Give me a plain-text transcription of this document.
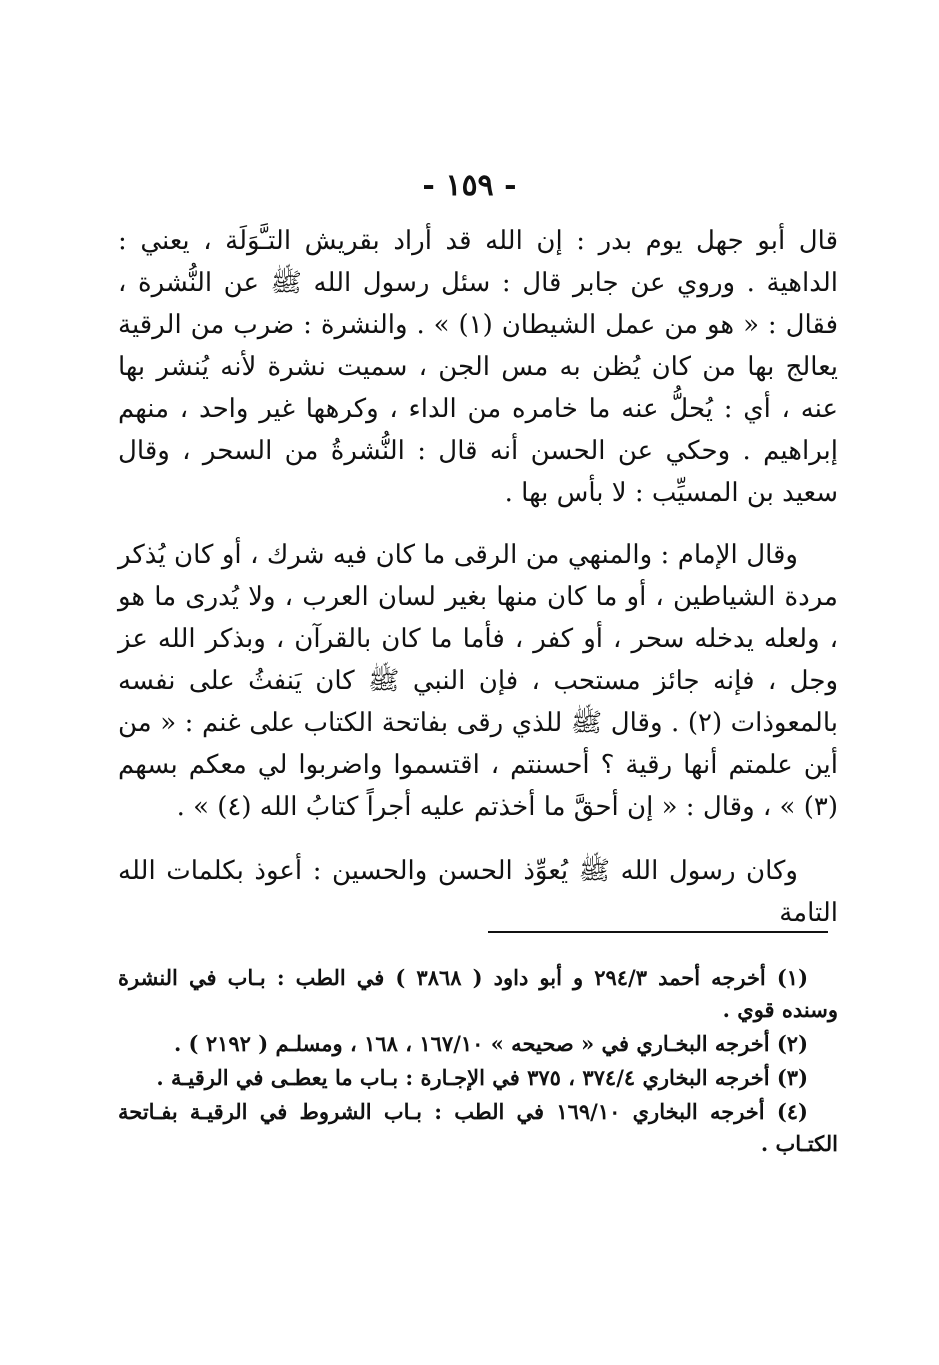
- ١٥٩ -

قال أبو جهل يوم بدر : إن الله قد أراد بقريش التـَّوَلَة ، يعني : الداهية . وروي عن جابر قال : سئل رسول الله ﷺ عن النُّشرة ، فقال : « هو من عمل الشيطان (١) » . والنشرة : ضرب من الرقية يعالج بها من كان يُظن به مس الجن ، سميت نشرة لأنه يُنشر بها عنه ، أي : يُحلُّ عنه ما خامره من الداء ، وكرهها غير واحد ، منهم إبراهيم . وحكي عن الحسن أنه قال : النُّشرةُ من السحر ، وقال سعيد بن المسيِّب : لا بأس بها .

وقال الإمام : والمنهي من الرقى ما كان فيه شرك ، أو كان يُذكر مردة الشياطين ، أو ما كان منها بغير لسان العرب ، ولا يُدرى ما هو ، ولعله يدخله سحر ، أو كفر ، فأما ما كان بالقرآن ، وبذكر الله عز وجل ، فإنه جائز مستحب ، فإن النبي ﷺ كان يَنفثُ على نفسه بالمعوذات (٢) . وقال ﷺ للذي رقى بفاتحة الكتاب على غنم : « من أين علمتم أنها رقية ؟ أحسنتم ، اقتسموا واضربوا لي معكم بسهم (٣) » ، وقال : « إن أحقَّ ما أخذتم عليه أجراً كتابُ الله (٤) » .

وكان رسول الله ﷺ يُعوِّذ الحسن والحسين : أعوذ بكلمات الله التامة

(١) أخرجه أحمد ٢٩٤/٣ و أبو داود ( ٣٨٦٨ ) في الطب : بـاب في النشرة وسنده قوي .

(٢) أخرجه البخـاري في « صحيحه » ١٦٧/١٠ ، ١٦٨ ، ومسلـم ( ٢١٩٢ ) .

(٣) أخرجه البخاري ٣٧٤/٤ ، ٣٧٥ في الإجـارة : بـاب ما يعطـى في الرقيـة .

(٤) أخرجه البخاري ١٦٩/١٠ في الطب : بـاب الشروط في الرقيـة بفـاتحة الكتـاب .
